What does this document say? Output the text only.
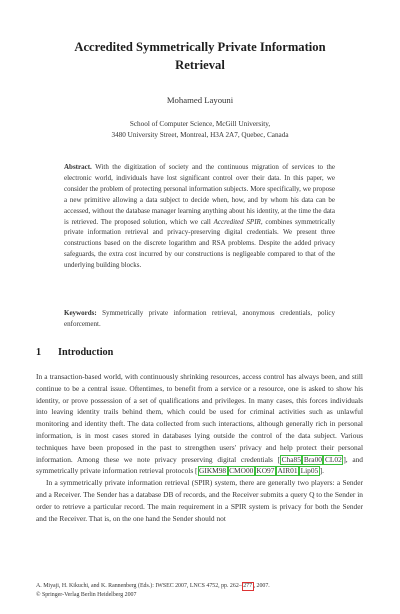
Accredited Symmetrically Private Information
Retrieval
Mohamed Layouni
School of Computer Science, McGill University,
3480 University Street, Montreal, H3A 2A7, Quebec, Canada
Abstract. With the digitization of society and the continuous migration of services to the electronic world, individuals have lost significant control over their data. In this paper, we consider the problem of protecting personal information subjects. More specifically, we propose a new primitive allowing a data subject to decide when, how, and by whom his data can be accessed, without the database manager learning anything about his identity, at the time the data is retrieved. The proposed solution, which we call Accredited SPIR, combines symmetrically private information retrieval and privacy-preserving digital credentials. We present three constructions based on the discrete logarithm and RSA problems. Despite the added privacy safeguards, the extra cost incurred by our constructions is negligeable compared to that of the underlying building blocks.
Keywords: Symmetrically private information retrieval, anonymous credentials, policy enforcement.
1 Introduction

In a transaction-based world, with continuously shrinking resources, access control has always been, and still continue to be a central issue. Oftentimes, to benefit from a service or a resource, one is asked to show his identity, or prove possession of a set of qualifications and privileges. In many cases, this forces individuals into leaving identity trails behind them, which could be used for criminal activities such as unlawful monitoring and identity theft. The data collected from such interactions, although generally rich in personal information, is in most cases stored in databases lying outside the control of the data subject. Various techniques have been proposed in the past to strengthen users' privacy and help protect their personal information. Among these we note privacy preserving digital credentials [ Cha85 Bra00 CL02 ], and symmetrically private information retrieval protocols [ GIKM98 CMO00 KO97 AIR01 Lip05 ].

In a symmetrically private information retrieval (SPIR) system, there are generally two players: a Sender and a Receiver. The Sender has a database DB of records, and the Receiver submits a query Q to the Sender in order to retrieve a particular record. The main requirement in a SPIR system is privacy for both the Sender and the Receiver. That is, on the one hand the Sender should not

A. Miyaji, H. Kikuchi, and K. Rannenberg (Eds.): IWSEC 2007, LNCS 4752, pp. 262– 277 , 2007.
© Springer-Verlag Berlin Heidelberg 2007
